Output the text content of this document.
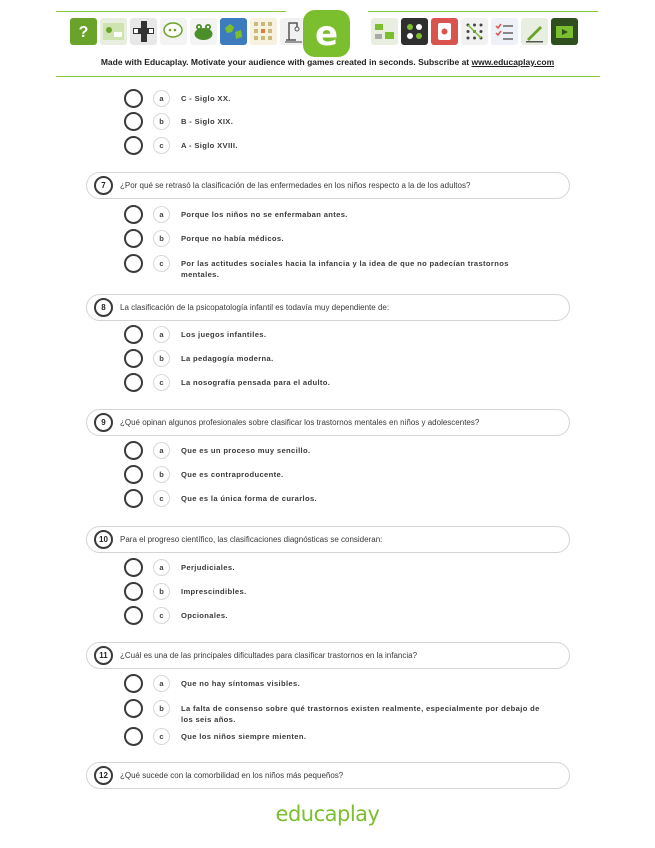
?	e
Made with Educaplay. Motivate your audience with games created in seconds. Subscribe at www.educaplay.com
a	C - Siglo XX.
b	B - Siglo XIX.
c	A - Siglo XVIII.
7	¿Por qué se retrasó la clasificación de las enfermedades en los niños respecto a la de los adultos?
a	Porque los niños no se enfermaban antes.
b	Porque no había médicos.
c	Por las actitudes sociales hacia la infancia y la idea de que no padecían trastornos mentales.
8	La clasificación de la psicopatología infantil es todavía muy dependiente de:
a	Los juegos infantiles.
b	La pedagogía moderna.
c	La nosografía pensada para el adulto.
9	¿Qué opinan algunos profesionales sobre clasificar los trastornos mentales en niños y adolescentes?
a	Que es un proceso muy sencillo.
b	Que es contraproducente.
c	Que es la única forma de curarlos.
10	Para el progreso científico, las clasificaciones diagnósticas se consideran:
a	Perjudiciales.
b	Imprescindibles.
c	Opcionales.
11	¿Cuál es una de las principales dificultades para clasificar trastornos en la infancia?
a	Que no hay síntomas visibles.
b	La falta de consenso sobre qué trastornos existen realmente, especialmente por debajo de los seis años.
c	Que los niños siempre mienten.
12	¿Qué sucede con la comorbilidad en los niños más pequeños?
educaplay
